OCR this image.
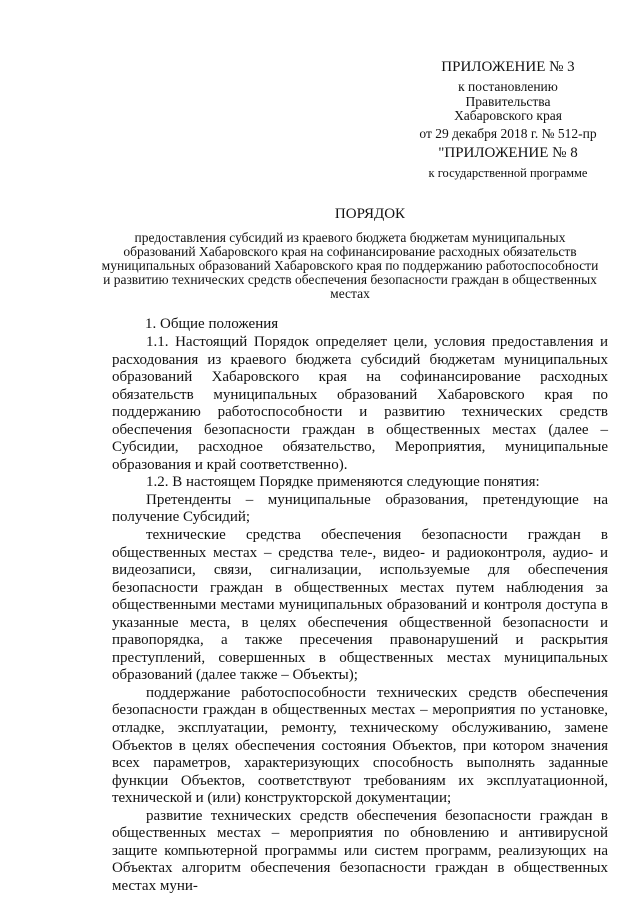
ПРИЛОЖЕНИЕ № 3
к постановлению
Правительства
Хабаровского края
от 29 декабря 2018 г. № 512-пр
"ПРИЛОЖЕНИЕ № 8
к государственной программе
ПОРЯДОК
предоставления субсидий из краевого бюджета бюджетам муниципальных образований Хабаровского края на софинансирование расходных обязательств муниципальных образований Хабаровского края по поддержанию работоспособности и развитию технических средств обеспечения безопасности граждан в общественных местах
1. Общие положения

1.1. Настоящий Порядок определяет цели, условия предоставления и расходования из краевого бюджета субсидий бюджетам муниципальных образований Хабаровского края на софинансирование расходных обязательств муниципальных образований Хабаровского края по поддержанию работоспособности и развитию технических средств обеспечения безопасности граждан в общественных местах (далее – Субсидии, расходное обязательство, Мероприятия, муниципальные образования и край соответственно).

1.2. В настоящем Порядке применяются следующие понятия:

Претенденты – муниципальные образования, претендующие на получение Субсидий;

технические средства обеспечения безопасности граждан в общественных местах – средства теле-, видео- и радиоконтроля, аудио- и видеозаписи, связи, сигнализации, используемые для обеспечения безопасности граждан в общественных местах путем наблюдения за общественными местами муниципальных образований и контроля доступа в указанные места, в целях обеспечения общественной безопасности и правопорядка, а также пресечения правонарушений и раскрытия преступлений, совершенных в общественных местах муниципальных образований (далее также – Объекты);

поддержание работоспособности технических средств обеспечения безопасности граждан в общественных местах – мероприятия по установке, отладке, эксплуатации, ремонту, техническому обслуживанию, замене Объектов в целях обеспечения состояния Объектов, при котором значения всех параметров, характеризующих способность выполнять заданные функции Объектов, соответствуют требованиям их эксплуатационной, технической и (или) конструкторской документации;

развитие технических средств обеспечения безопасности граждан в общественных местах – мероприятия по обновлению и антивирусной защите компьютерной программы или систем программ, реализующих на Объектах алгоритм обеспечения безопасности граждан в общественных местах муни-
